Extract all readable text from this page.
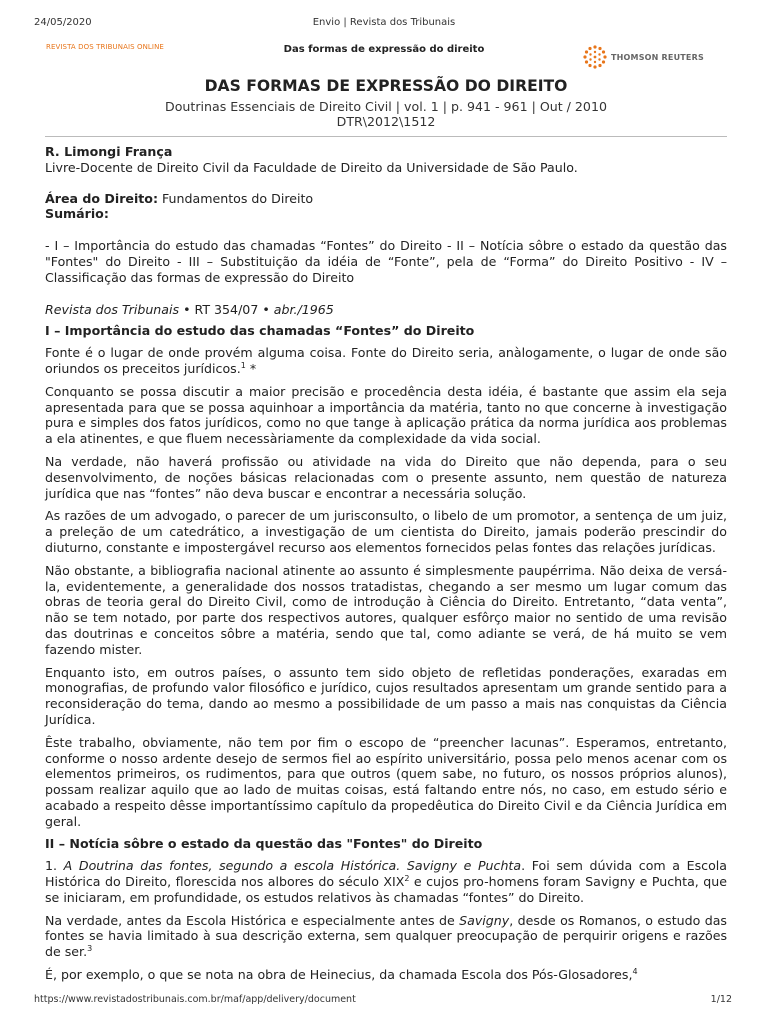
24/05/2020	Envio | Revista dos Tribunais
REVISTA DOS TRIBUNAIS ONLINE	Das formas de expressão do direito
THOMSON REUTERS
DAS FORMAS DE EXPRESSÃO DO DIREITO
Doutrinas Essenciais de Direito Civil | vol. 1 | p. 941 - 961 | Out / 2010
DTR\2012\1512
R. Limongi França
Livre-Docente de Direito Civil da Faculdade de Direito da Universidade de São Paulo.
Área do Direito: Fundamentos do Direito
Sumário:

- I – Importância do estudo das chamadas “Fontes” do Direito - II – Notícia sôbre o estado da questão das "Fontes" do Direito - III – Substituição da idéia de “Fonte”, pela de “Forma” do Direito Positivo - IV – Classificação das formas de expressão do Direito

Revista dos Tribunais • RT 354/07 • abr./1965

I – Importância do estudo das chamadas “Fontes” do Direito

Fonte é o lugar de onde provém alguma coisa. Fonte do Direito seria, anàlogamente, o lugar de onde são oriundos os preceitos jurídicos.$^1$ *

Conquanto se possa discutir a maior precisão e procedência desta idéia, é bastante que assim ela seja apresentada para que se possa aquinhoar a importância da matéria, tanto no que concerne à investigação pura e simples dos fatos jurídicos, como no que tange à aplicação prática da norma jurídica aos problemas a ela atinentes, e que fluem necessàriamente da complexidade da vida social.

Na verdade, não haverá profissão ou atividade na vida do Direito que não dependa, para o seu desenvolvimento, de noções básicas relacionadas com o presente assunto, nem questão de natureza jurídica que nas “fontes” não deva buscar e encontrar a necessária solução.

As razões de um advogado, o parecer de um jurisconsulto, o libelo de um promotor, a sentença de um juiz, a preleção de um catedrático, a investigação de um cientista do Direito, jamais poderão prescindir do diuturno, constante e impostergável recurso aos elementos fornecidos pelas fontes das relações jurídicas.

Não obstante, a bibliografia nacional atinente ao assunto é simplesmente paupérrima. Não deixa de versá-la, evidentemente, a generalidade dos nossos tratadistas, chegando a ser mesmo um lugar comum das obras de teoria geral do Direito Civil, como de introdução à Ciência do Direito. Entretanto, “data venta”, não se tem notado, por parte dos respectivos autores, qualquer esfôrço maior no sentido de uma revisão das doutrinas e conceitos sôbre a matéria, sendo que tal, como adiante se verá, de há muito se vem fazendo mister.

Enquanto isto, em outros países, o assunto tem sido objeto de refletidas ponderações, exaradas em monografias, de profundo valor filosófico e jurídico, cujos resultados apresentam um grande sentido para a reconsideração do tema, dando ao mesmo a possibilidade de um passo a mais nas conquistas da Ciência Jurídica.

Êste trabalho, obviamente, não tem por fim o escopo de “preencher lacunas”. Esperamos, entretanto, conforme o nosso ardente desejo de sermos fiel ao espírito universitário, possa pelo menos acenar com os elementos primeiros, os rudimentos, para que outros (quem sabe, no futuro, os nossos próprios alunos), possam realizar aquilo que ao lado de muitas coisas, está faltando entre nós, no caso, em estudo sério e acabado a respeito dêsse importantíssimo capítulo da propedêutica do Direito Civil e da Ciência Jurídica em geral.

II – Notícia sôbre o estado da questão das "Fontes" do Direito

1. A Doutrina das fontes, segundo a escola Histórica. Savigny e Puchta. Foi sem dúvida com a Escola Histórica do Direito, florescida nos albores do século XIX$^2$ e cujos pro-homens foram Savigny e Puchta, que se iniciaram, em profundidade, os estudos relativos às chamadas “fontes” do Direito.

Na verdade, antes da Escola Histórica e especialmente antes de Savigny, desde os Romanos, o estudo das fontes se havia limitado à sua descrição externa, sem qualquer preocupação de perquirir origens e razões de ser.$^3$

É, por exemplo, o que se nota na obra de Heinecius, da chamada Escola dos Pós-Glosadores,$^4$

https://www.revistadostribunais.com.br/maf/app/delivery/document	1/12
